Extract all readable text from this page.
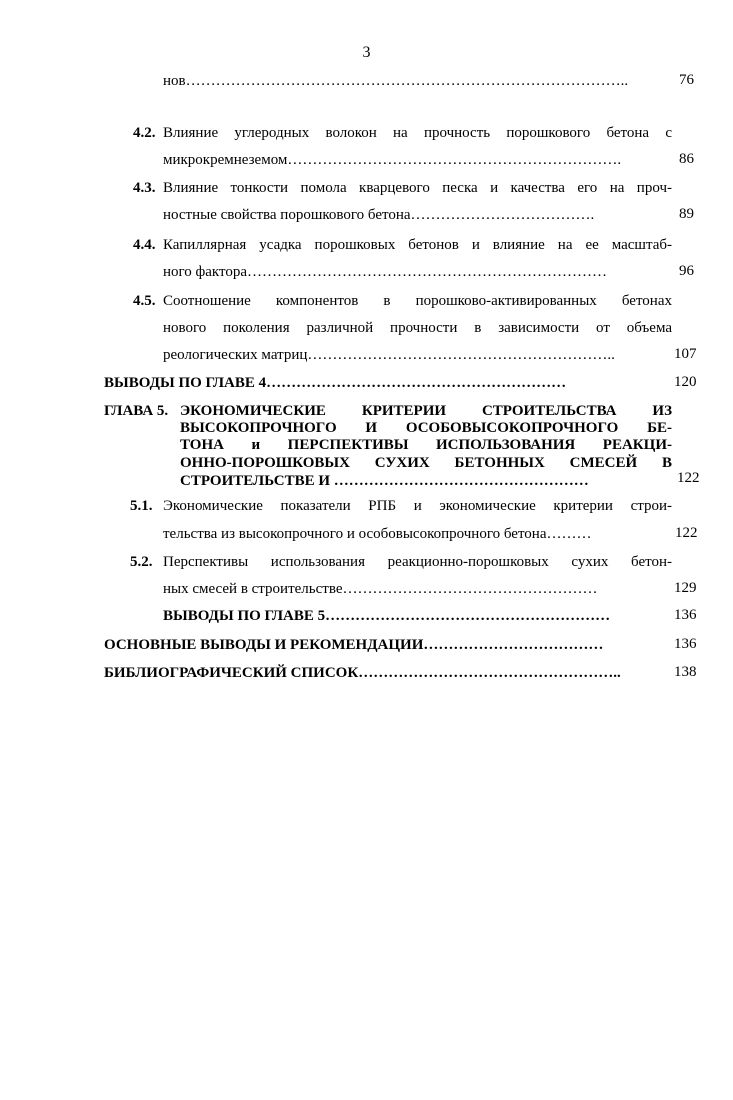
3
нов……………………………………………………………………………..	76
4.2. Влияние углеродных волокон на прочность порошкового бетона с
микрокремнеземом………………………………………………………….	86
4.3. Влияние тонкости помола кварцевого песка и качества его на проч-
ностные свойства порошкового бетона……………………………….	89
4.4. Капиллярная усадка порошковых бетонов и влияние на ее масштаб-
ного фактора………………………………………………………………	96
4.5. Соотношение компонентов в порошково-активированных бетонах
нового поколения различной прочности в зависимости от объема
реологических матриц……………………………………………………..	107
ВЫВОДЫ ПО ГЛАВЕ 4……………………………………………………	120
ГЛАВА 5. ЭКОНОМИЧЕСКИЕ КРИТЕРИИ СТРОИТЕЛЬСТВА ИЗ
ВЫСОКОПРОЧНОГО И ОСОБОВЫСОКОПРОЧНОГО БЕ-
ТОНА и ПЕРСПЕКТИВЫ ИСПОЛЬЗОВАНИЯ РЕАКЦИ-
ОННО-ПОРОШКОВЫХ СУХИХ БЕТОННЫХ СМЕСЕЙ В
СТРОИТЕЛЬСТВЕ И ……………………………………………	122
5.1. Экономические показатели РПБ и экономические критерии строи-
тельства из высокопрочного и особовысокопрочного бетона………	122
5.2. Перспективы использования реакционно-порошковых сухих бетон-
ных смесей в строительстве……………………………………………	129
ВЫВОДЫ ПО ГЛАВЕ 5…………………………………………………	136
ОСНОВНЫЕ ВЫВОДЫ И РЕКОМЕНДАЦИИ………………………………	136
БИБЛИОГРАФИЧЕСКИЙ СПИСОК……………………………………………..	138
